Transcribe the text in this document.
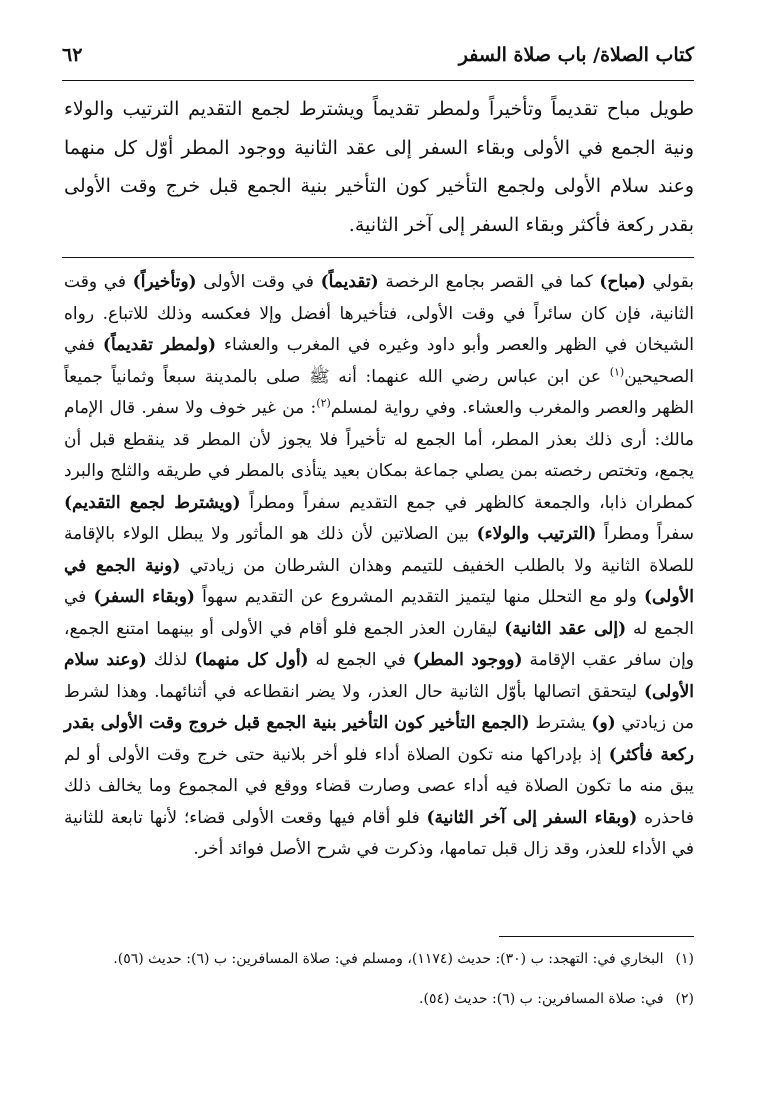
كتاب الصلاة/ باب صلاة السفر
٦٢

طويل مباح تقديماً وتأخيراً ولمطر تقديماً ويشترط لجمع التقديم الترتيب والولاء ونية الجمع في الأولى وبقاء السفر إلى عقد الثانية ووجود المطر أوّل كل منهما وعند سلام الأولى ولجمع التأخير كون التأخير بنية الجمع قبل خرج وقت الأولى بقدر ركعة فأكثر وبقاء السفر إلى آخر الثانية.

بقولي (مباح) كما في القصر بجامع الرخصة (تقديماً) في وقت الأولى (وتأخيراً) في وقت الثانية، فإن كان سائراً في وقت الأولى، فتأخيرها أفضل وإلا فعكسه وذلك للاتباع. رواه الشيخان في الظهر والعصر وأبو داود وغيره في المغرب والعشاء (ولمطر تقديماً) ففي الصحيحين$^{(١)}$ عن ابن عباس رضي الله عنهما: أنه ﷺ صلى بالمدينة سبعاً وثمانياً جميعاً الظهر والعصر والمغرب والعشاء. وفي رواية لمسلم$^{(٢)}$: من غير خوف ولا سفر. قال الإمام مالك: أرى ذلك بعذر المطر، أما الجمع له تأخيراً فلا يجوز لأن المطر قد ينقطع قبل أن يجمع، وتختص رخصته بمن يصلي جماعة بمكان بعيد يتأذى بالمطر في طريقه والثلج والبرد كمطران ذابا، والجمعة كالظهر في جمع التقديم سفراً ومطراً (ويشترط لجمع التقديم) سفراً ومطراً (الترتيب والولاء) بين الصلاتين لأن ذلك هو المأثور ولا يبطل الولاء بالإقامة للصلاة الثانية ولا بالطلب الخفيف للتيمم وهذان الشرطان من زيادتي (ونية الجمع في الأولى) ولو مع التحلل منها ليتميز التقديم المشروع عن التقديم سهواً (وبقاء السفر) في الجمع له (إلى عقد الثانية) ليقارن العذر الجمع فلو أقام في الأولى أو بينهما امتنع الجمع، وإن سافر عقب الإقامة (ووجود المطر) في الجمع له (أول كل منهما) لذلك (وعند سلام الأولى) ليتحقق اتصالها بأوّل الثانية حال العذر، ولا يضر انقطاعه في أثنائهما. وهذا لشرط من زيادتي (و) يشترط (الجمع التأخير كون التأخير بنية الجمع قبل خروج وقت الأولى بقدر ركعة فأكثر) إذ بإدراكها منه تكون الصلاة أداء فلو أخر بلانية حتى خرج وقت الأولى أو لم يبق منه ما تكون الصلاة فيه أداء عصى وصارت قضاء ووقع في المجموع وما يخالف ذلك فاحذره (وبقاء السفر إلى آخر الثانية) فلو أقام فيها وقعت الأولى قضاء؛ لأنها تابعة للثانية في الأداء للعذر، وقد زال قبل تمامها، وذكرت في شرح الأصل فوائد أخر.

(١)البخاري في: التهجد: ب (٣٠): حديث (١١٧٤)، ومسلم في: صلاة المسافرين: ب (٦): حديث (٥٦).

(٢)في: صلاة المسافرين: ب (٦): حديث (٥٤).
